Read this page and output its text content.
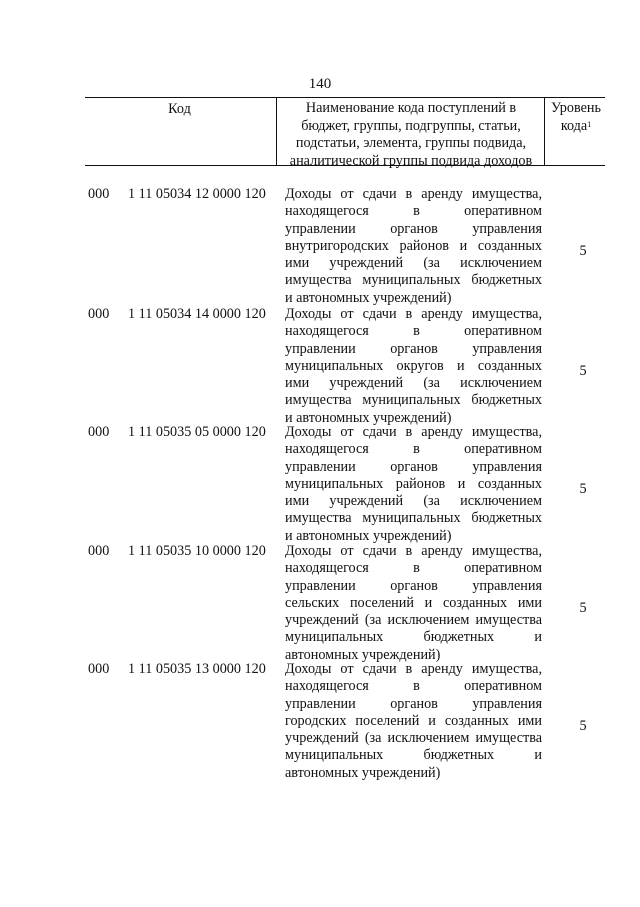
140
Код	Наименование кода поступлений в
бюджет, группы, подгруппы, статьи,
подстатьи, элемента, группы подвида,
аналитической группы подвида доходов
Уровень
кода$^1$
000 1 11 05034 12 0000 120 Доходы от сдачи в аренду имущества,
находящегося в оперативном
управлении органов управления
внутригородских районов и созданных
ими учреждений (за исключением
имущества муниципальных бюджетных
и автономных учреждений)
5
000 1 11 05034 14 0000 120 Доходы от сдачи в аренду имущества,
находящегося в оперативном
управлении органов управления
муниципальных округов и созданных
ими учреждений (за исключением
имущества муниципальных бюджетных
и автономных учреждений)
5
000 1 11 05035 05 0000 120 Доходы от сдачи в аренду имущества,
находящегося в оперативном
управлении органов управления
муниципальных районов и созданных
ими учреждений (за исключением
имущества муниципальных бюджетных
и автономных учреждений)
5
000 1 11 05035 10 0000 120 Доходы от сдачи в аренду имущества,
находящегося в оперативном
управлении органов управления
сельских поселений и созданных ими
учреждений (за исключением имущества
муниципальных бюджетных и
автономных учреждений)
5
000 1 11 05035 13 0000 120 Доходы от сдачи в аренду имущества,
находящегося в оперативном
управлении органов управления
городских поселений и созданных ими
учреждений (за исключением имущества
муниципальных бюджетных и
автономных учреждений)
5
